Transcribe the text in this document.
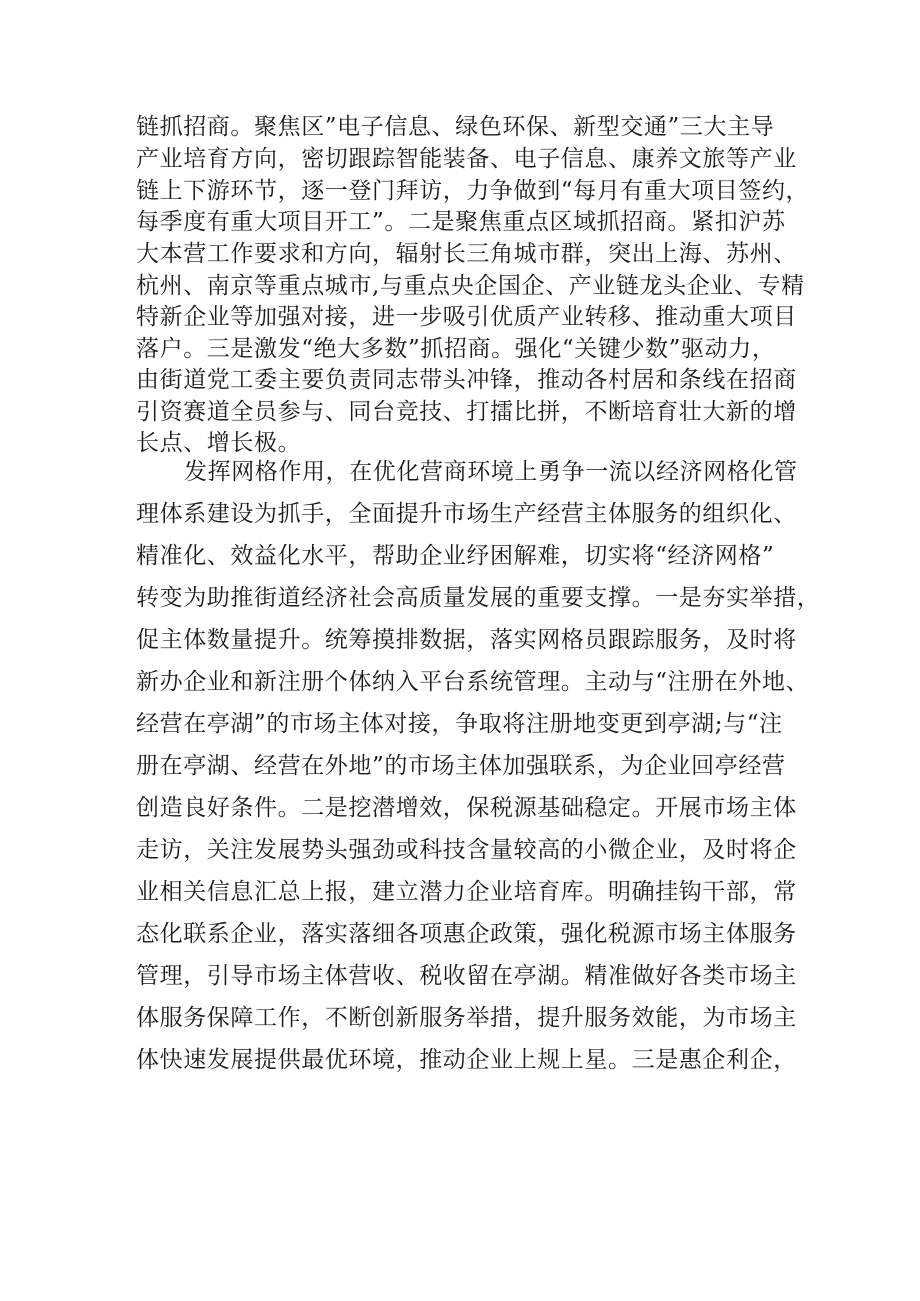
链抓招商。聚焦区”电子信息、绿色环保、新型交通”三大主导
产业培育方向，密切跟踪智能装备、电子信息、康养文旅等产业
链上下游环节，逐一登门拜访，力争做到“每月有重大项目签约，
每季度有重大项目开工”。二是聚焦重点区域抓招商。紧扣沪苏
大本营工作要求和方向，辐射长三角城市群，突出上海、苏州、
杭州、南京等重点城市,与重点央企国企、产业链龙头企业、专精
特新企业等加强对接，进一步吸引优质产业转移、推动重大项目
落户。三是激发“绝大多数”抓招商。强化“关键少数”驱动力，
由街道党工委主要负责同志带头冲锋，推动各村居和条线在招商
引资赛道全员参与、同台竞技、打擂比拼，不断培育壮大新的增
长点、增长极。
发挥网格作用，在优化营商环境上勇争一流以经济网格化管
理体系建设为抓手，全面提升市场生产经营主体服务的组织化、
精准化、效益化水平，帮助企业纾困解难，切实将“经济网格”
转变为助推街道经济社会高质量发展的重要支撑。一是夯实举措，
促主体数量提升。统筹摸排数据，落实网格员跟踪服务，及时将
新办企业和新注册个体纳入平台系统管理。主动与“注册在外地、
经营在亭湖”的市场主体对接，争取将注册地变更到亭湖;与“注
册在亭湖、经营在外地”的市场主体加强联系，为企业回亭经营
创造良好条件。二是挖潜增效，保税源基础稳定。开展市场主体
走访，关注发展势头强劲或科技含量较高的小微企业，及时将企
业相关信息汇总上报，建立潜力企业培育库。明确挂钩干部，常
态化联系企业，落实落细各项惠企政策，强化税源市场主体服务
管理，引导市场主体营收、税收留在亭湖。精准做好各类市场主
体服务保障工作，不断创新服务举措，提升服务效能，为市场主
体快速发展提供最优环境，推动企业上规上星。三是惠企利企，
